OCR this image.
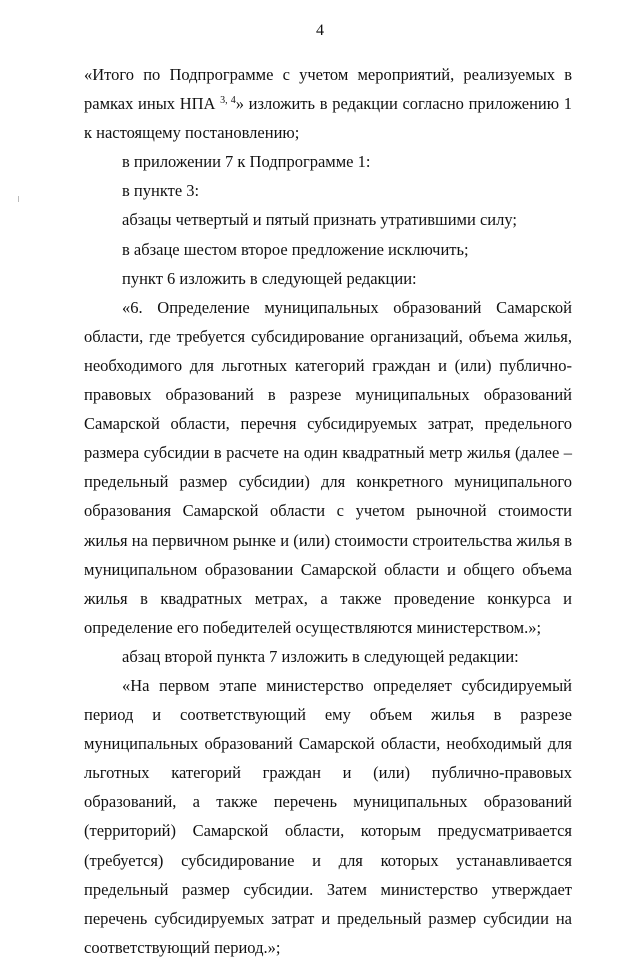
4

«Итого по Подпрограмме с учетом мероприятий, реализуемых в рамках иных НПА $^{3, 4}$» изложить в редакции согласно приложению 1 к настоящему постановлению;

в приложении 7 к Подпрограмме 1:

в пункте 3:

абзацы четвертый и пятый признать утратившими силу;

в абзаце шестом второе предложение исключить;

пункт 6 изложить в следующей редакции:

«6. Определение муниципальных образований Самарской области, где требуется субсидирование организаций, объема жилья, необходимого для льготных категорий граждан и (или) публично-правовых образований в разрезе муниципальных образований Самарской области, перечня субсидируемых затрат, предельного размера субсидии в расчете на один квадратный метр жилья (далее – предельный размер субсидии) для конкретного муниципального образования Самарской области с учетом рыночной стоимости жилья на первичном рынке и (или) стоимости строительства жилья в муниципальном образовании Самарской области и общего объема жилья в квадратных метрах, а также проведение конкурса и определение его победителей осуществляются министерством.»;

абзац второй пункта 7 изложить в следующей редакции:

«На первом этапе министерство определяет субсидируемый период и соответствующий ему объем жилья в разрезе муниципальных образований Самарской области, необходимый для льготных категорий граждан и (или) публично-правовых образований, а также перечень муниципальных образований (территорий) Самарской области, которым предусматривается (требуется) субсидирование и для которых устанавливается предельный размер субсидии. Затем министерство утверждает перечень субсидируемых затрат и предельный размер субсидии на соответствующий период.»;
